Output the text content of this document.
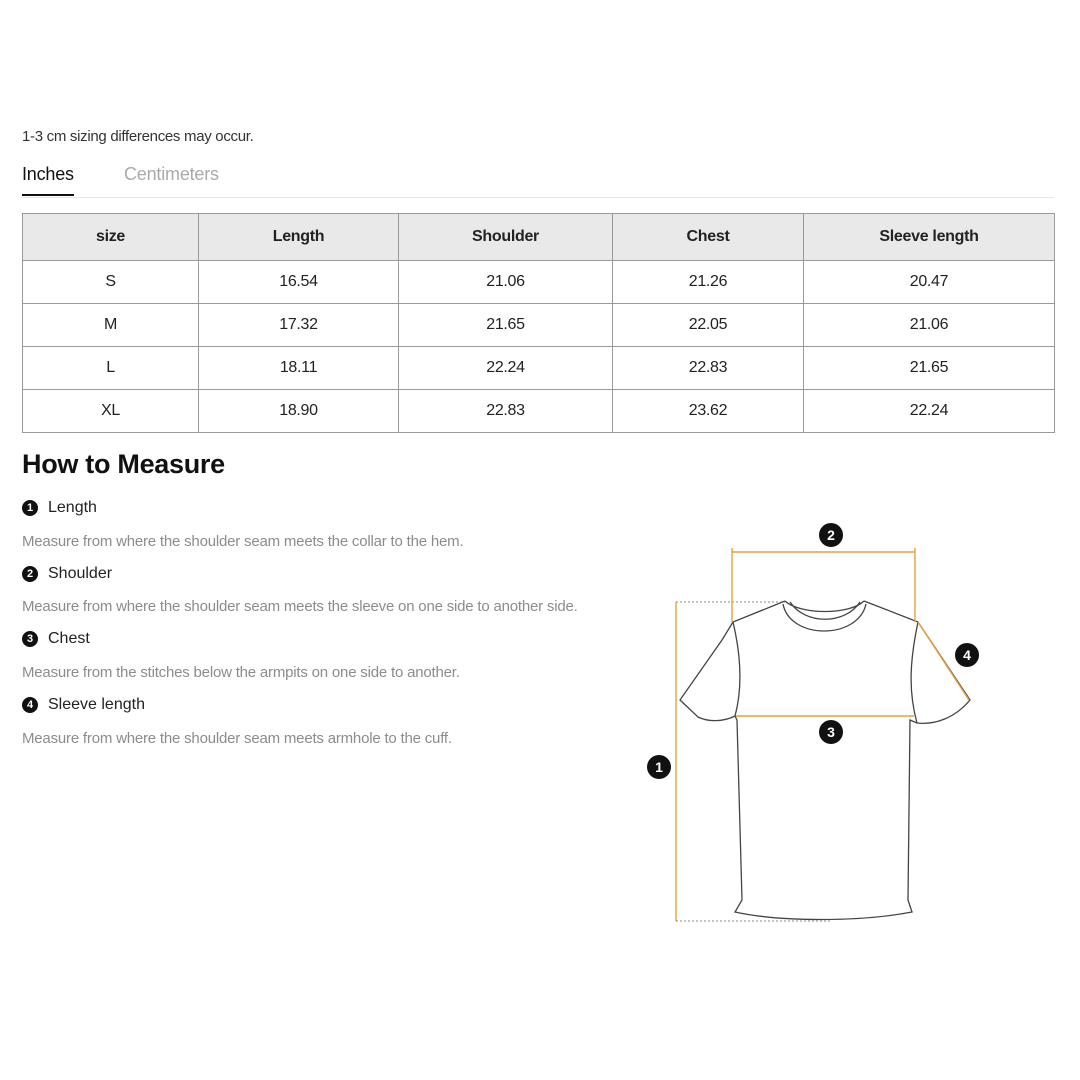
1-3 cm sizing differences may occur.
Inches	Centimeters
size	Length	Shoulder	Chest	Sleeve length
S	16.54	21.06	21.26	20.47
M	17.32	21.65	22.05	21.06
L	18.11	22.24	22.83	21.65
XL	18.90	22.83	23.62	22.24
How to Measure
1 Length
Measure from where the shoulder seam meets the collar to the hem.
2 Shoulder
Measure from where the shoulder seam meets the sleeve on one side to another side.
3 Chest
Measure from the stitches below the armpits on one side to another.
4 Sleeve length
Measure from where the shoulder seam meets armhole to the cuff.
1
2
3
4
